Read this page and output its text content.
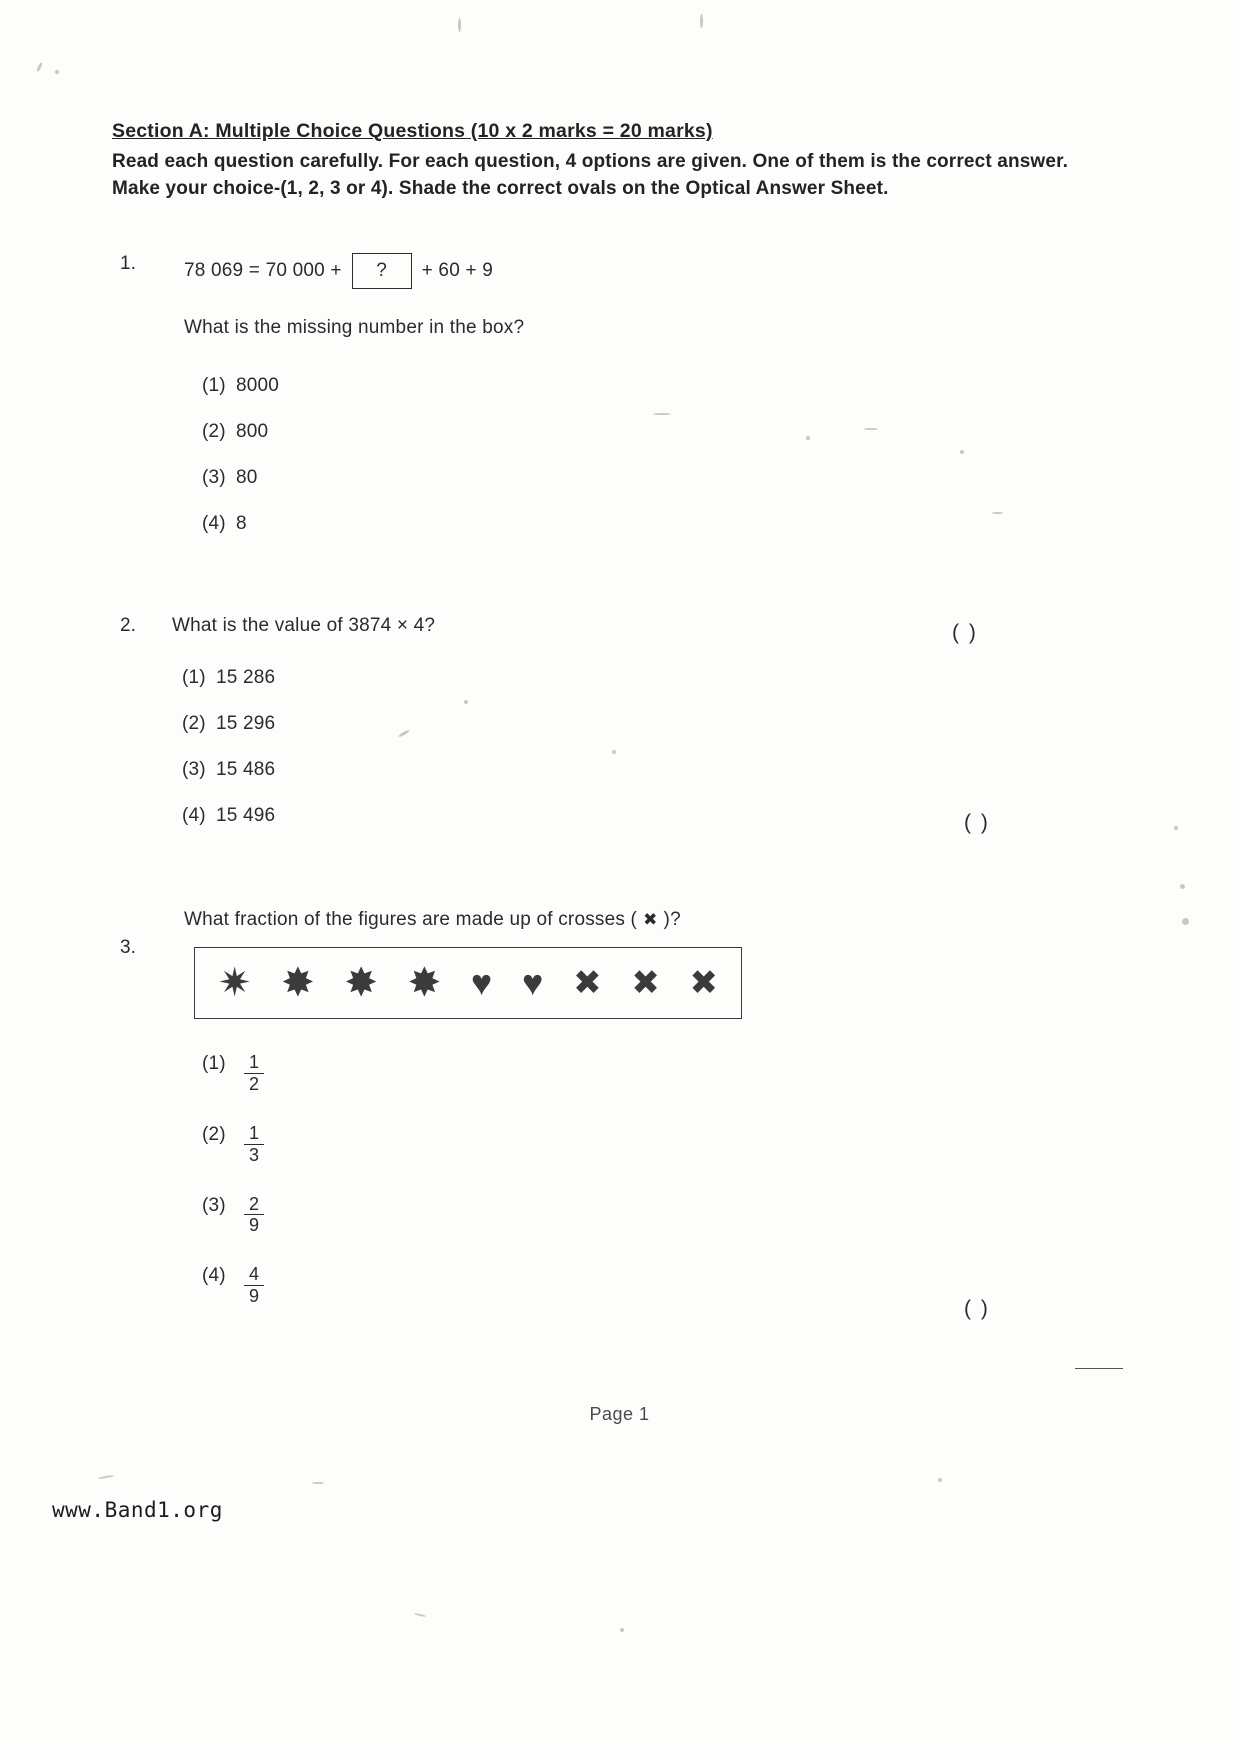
Section A: Multiple Choice Questions (10 x 2 marks = 20 marks)

Read each question carefully. For each question, 4 options are given. One of them is the correct answer. Make your choice-(1, 2, 3 or 4). Shade the correct ovals on the Optical Answer Sheet.

1.	78 069 = 70 000 +	?	+ 60 + 9
What is the missing number in the box?
(1) 8000
(2) 800
(3) 80
(4) 8
( )
2. What is the value of 3874 × 4?
(1) 15 286
(2) 15 296
(3) 15 486
(4) 15 496	( )
3.
What fraction of the figures are made up of crosses ( ✖ )?
✷ ✸ ✸ ✸ ♥ ♥ ✖ ✖ ✖
(1)	$\frac{1}{2}$
(2)	$\frac{1}{3}$
(3)	$\frac{2}{9}$
(4)	$\frac{4}{9}$
( )
Page 1
www.Band1.org
